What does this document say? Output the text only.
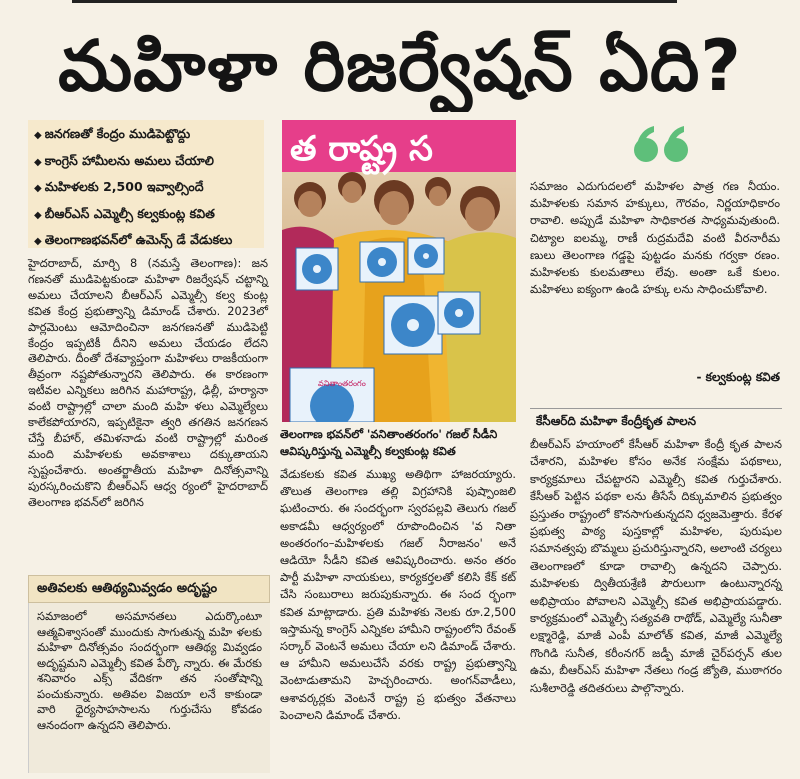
మహిళా రిజర్వేషన్ ఏది?
◆ జనగణతో కేంద్రం ముడిపెట్టొద్దు
◆ కాంగ్రెస్ హామీలను అమలు చేయాలి
◆ మహిళలకు 2,500 ఇవ్వాల్సిందే
◆ బీఆర్ఎస్ ఎమ్మెల్సీ కల్వకుంట్ల కవిత
◆ తెలంగాణభవన్‌లో ఉమెన్స్ డే వేడుకలు
హైదరాబాద్, మార్చి 8 (నమస్తే తెలంగాణ): జన గణనతో ముడిపెట్టకుండా మహిళా రిజర్వేషన్ చట్టాన్ని అమలు చేయాలని బీఆర్ఎస్ ఎమ్మెల్సీ కల్వ కుంట్ల కవిత కేంద్ర ప్రభుత్వాన్ని డిమాండ్ చేశారు. 2023లో పార్లమెంటు ఆమోదించినా జనగణనతో ముడిపెట్టి కేంద్రం ఇప్పటికీ దీనిని అమలు చేయడం లేదని తెలిపారు. దీంతో దేశవ్యాప్తంగా మహిళలు రాజకీయంగా తీవ్రంగా నష్టపోతున్నారని తెలిపారు. ఈ కారణంగా ఇటీవల ఎన్నికలు జరిగిన మహారాష్ట్ర, ఢిల్లీ, హర్యానా వంటి రాష్ట్రాల్లో చాలా మంది మహి ళలు ఎమ్మెల్యేలు కాలేకపోయారని, ఇప్పటికైనా త్వరి తగతిన జనగణన చేస్తే బీహార్, తమిళనాడు వంటి రాష్ట్రాల్లో మరింత మంది మహిళలకు అవకాశాలు దక్కుతాయని స్పష్టంచేశారు. అంతర్జాతీయ మహిళా దినోత్సవాన్ని పురస్కరించుకొని బీఆర్ఎస్ ఆధ్వ ర్యంలో హైదరాబాద్ తెలంగాణ భవన్‌లో జరిగిన
అతివలకు ఆతిథ్యమివ్వడం అదృష్టం
సమాజంలో అసమానతలు ఎదుర్కొంటూ ఆత్మవిశ్వాసంతో ముందుకు సాగుతున్న మహి ళలకు మహిళా దినోత్సవం సందర్భంగా ఆతిథ్య మివ్వడం అదృష్టమని ఎమ్మెల్సీ కవిత పేర్కొ న్నారు. ఈ మేరకు శనివారం ఎక్స్ వేదికగా తన సంతోషాన్ని పంచుకున్నారు. అతివల విజయా లనే కాకుండా వారి ధైర్యసాహసాలను గుర్తుచేసు కోవడం ఆనందంగా ఉన్నదని తెలిపారు.
త రాష్ట్ర స
వనితాంతరంగం
తెలంగాణ భవన్‌లో 'వనితాంతరంగం' గజల్ సీడీని ఆవిష్కరిస్తున్న ఎమ్మెల్సీ కల్వకుంట్ల కవిత
వేడుకలకు కవిత ముఖ్య అతిథిగా హాజరయ్యారు. తొలుత తెలంగాణ తల్లి విగ్రహానికి పుష్పాంజలి ఘటించారు. ఈ సందర్భంగా స్వరపల్లవి తెలుగు గజల్ అకాడమీ ఆధ్వర్యంలో రూపొందించిన 'వ నితా అంతరంగం–మహిళలకు గజల్ నీరాజనం' అనే ఆడియో సీడీని కవిత ఆవిష్కరించారు. అనం తరం పార్టీ మహిళా నాయకులు, కార్యకర్తలతో కలిసి కేక్ కట్ చేసి సంబురాలు జరుపుకున్నారు. ఈ సంద ర్భంగా కవిత మాట్లాడారు. ప్రతి మహిళకు నెలకు రూ.2,500 ఇస్తామన్న కాంగ్రెస్ ఎన్నికల హామీని రాష్ట్రంలోని రేవంత్ సర్కార్ వెంటనే అమలు చేయా లని డిమాండ్ చేశారు. ఆ హామీని అమలుచేసే వరకు రాష్ట్ర ప్రభుత్వాన్ని వెంటాడుతామని హెచ్చరించారు. అంగన్‌వాడీలు, ఆశావర్కర్లకు వెంటనే రాష్ట్ర ప్ర భుత్వం వేతనాలు పెంచాలని డిమాండ్ చేశారు.
సమాజం ఎదుగుదలలో మహిళల పాత్ర గణ నీయం. మహిళలకు సమాన హక్కులు, గౌరవం, నిర్ణయాధికారం రావాలి. అప్పుడే మహిళా సాధికారత సాధ్యమవుతుంది. చిట్యాల ఐలమ్మ, రాణీ రుద్రమదేవి వంటి వీరనారీమ ణులు తెలంగాణ గడ్డపై పుట్టడం మనకు గర్వకా రణం. మహిళలకు కులమతాలు లేవు. అంతా ఒకే కులం. మహిళలు ఐక్యంగా ఉండి హక్కు లను సాధించుకోవాలి.
- కల్వకుంట్ల కవిత
కేసీఆర్‌ది మహిళా కేంద్రీకృత పాలన
బీఆర్ఎస్ హయాంలో కేసీఆర్ మహిళా కేంద్రీ కృత పాలన చేశారని, మహిళల కోసం అనేక సంక్షేమ పథకాలు, కార్యక్రమాలు చేపట్టారని ఎమ్మెల్సీ కవిత గుర్తుచేశారు. కేసీఆర్ పెట్టిన పథకా లను తీసేసే దిక్కుమాలిన ప్రభుత్వం ప్రస్తుతం రాష్ట్రంలో కొనసాగుతున్నదని ధ్వజమెత్తారు. కేరళ ప్రభుత్వ పాఠ్య పుస్తకాల్లో మహిళల, పురుషుల సమానత్వపు బొమ్మలు ప్రచురిస్తున్నారని, అలాంటి చర్యలు తెలంగాణలో కూడా రావాల్సి ఉన్నదని చెప్పారు. మహిళలకు ద్వితీయశ్రేణి పౌరులుగా ఉంటున్నారన్న అభిప్రాయం పోవాలని ఎమ్మెల్సీ కవిత అభిప్రాయపడ్డారు. కార్యక్రమంలో ఎమ్మెల్సీ సత్యవతి రాథోడ్, ఎమ్మెల్యే సునీతా లక్ష్మారెడ్డి, మాజీ ఎంపీ మాలోత్ కవిత, మాజీ ఎమ్మెల్యే గొంగిడి సునీత, కరీంనగర్ జడ్పీ మాజీ చైర్‌పర్సన్ తుల ఉమ, బీఆర్ఎస్ మహిళా నేతలు గండ్ర జ్యోతి, ముఠాగరం సుశీలారెడ్డి తదితరులు పాల్గొన్నారు.
